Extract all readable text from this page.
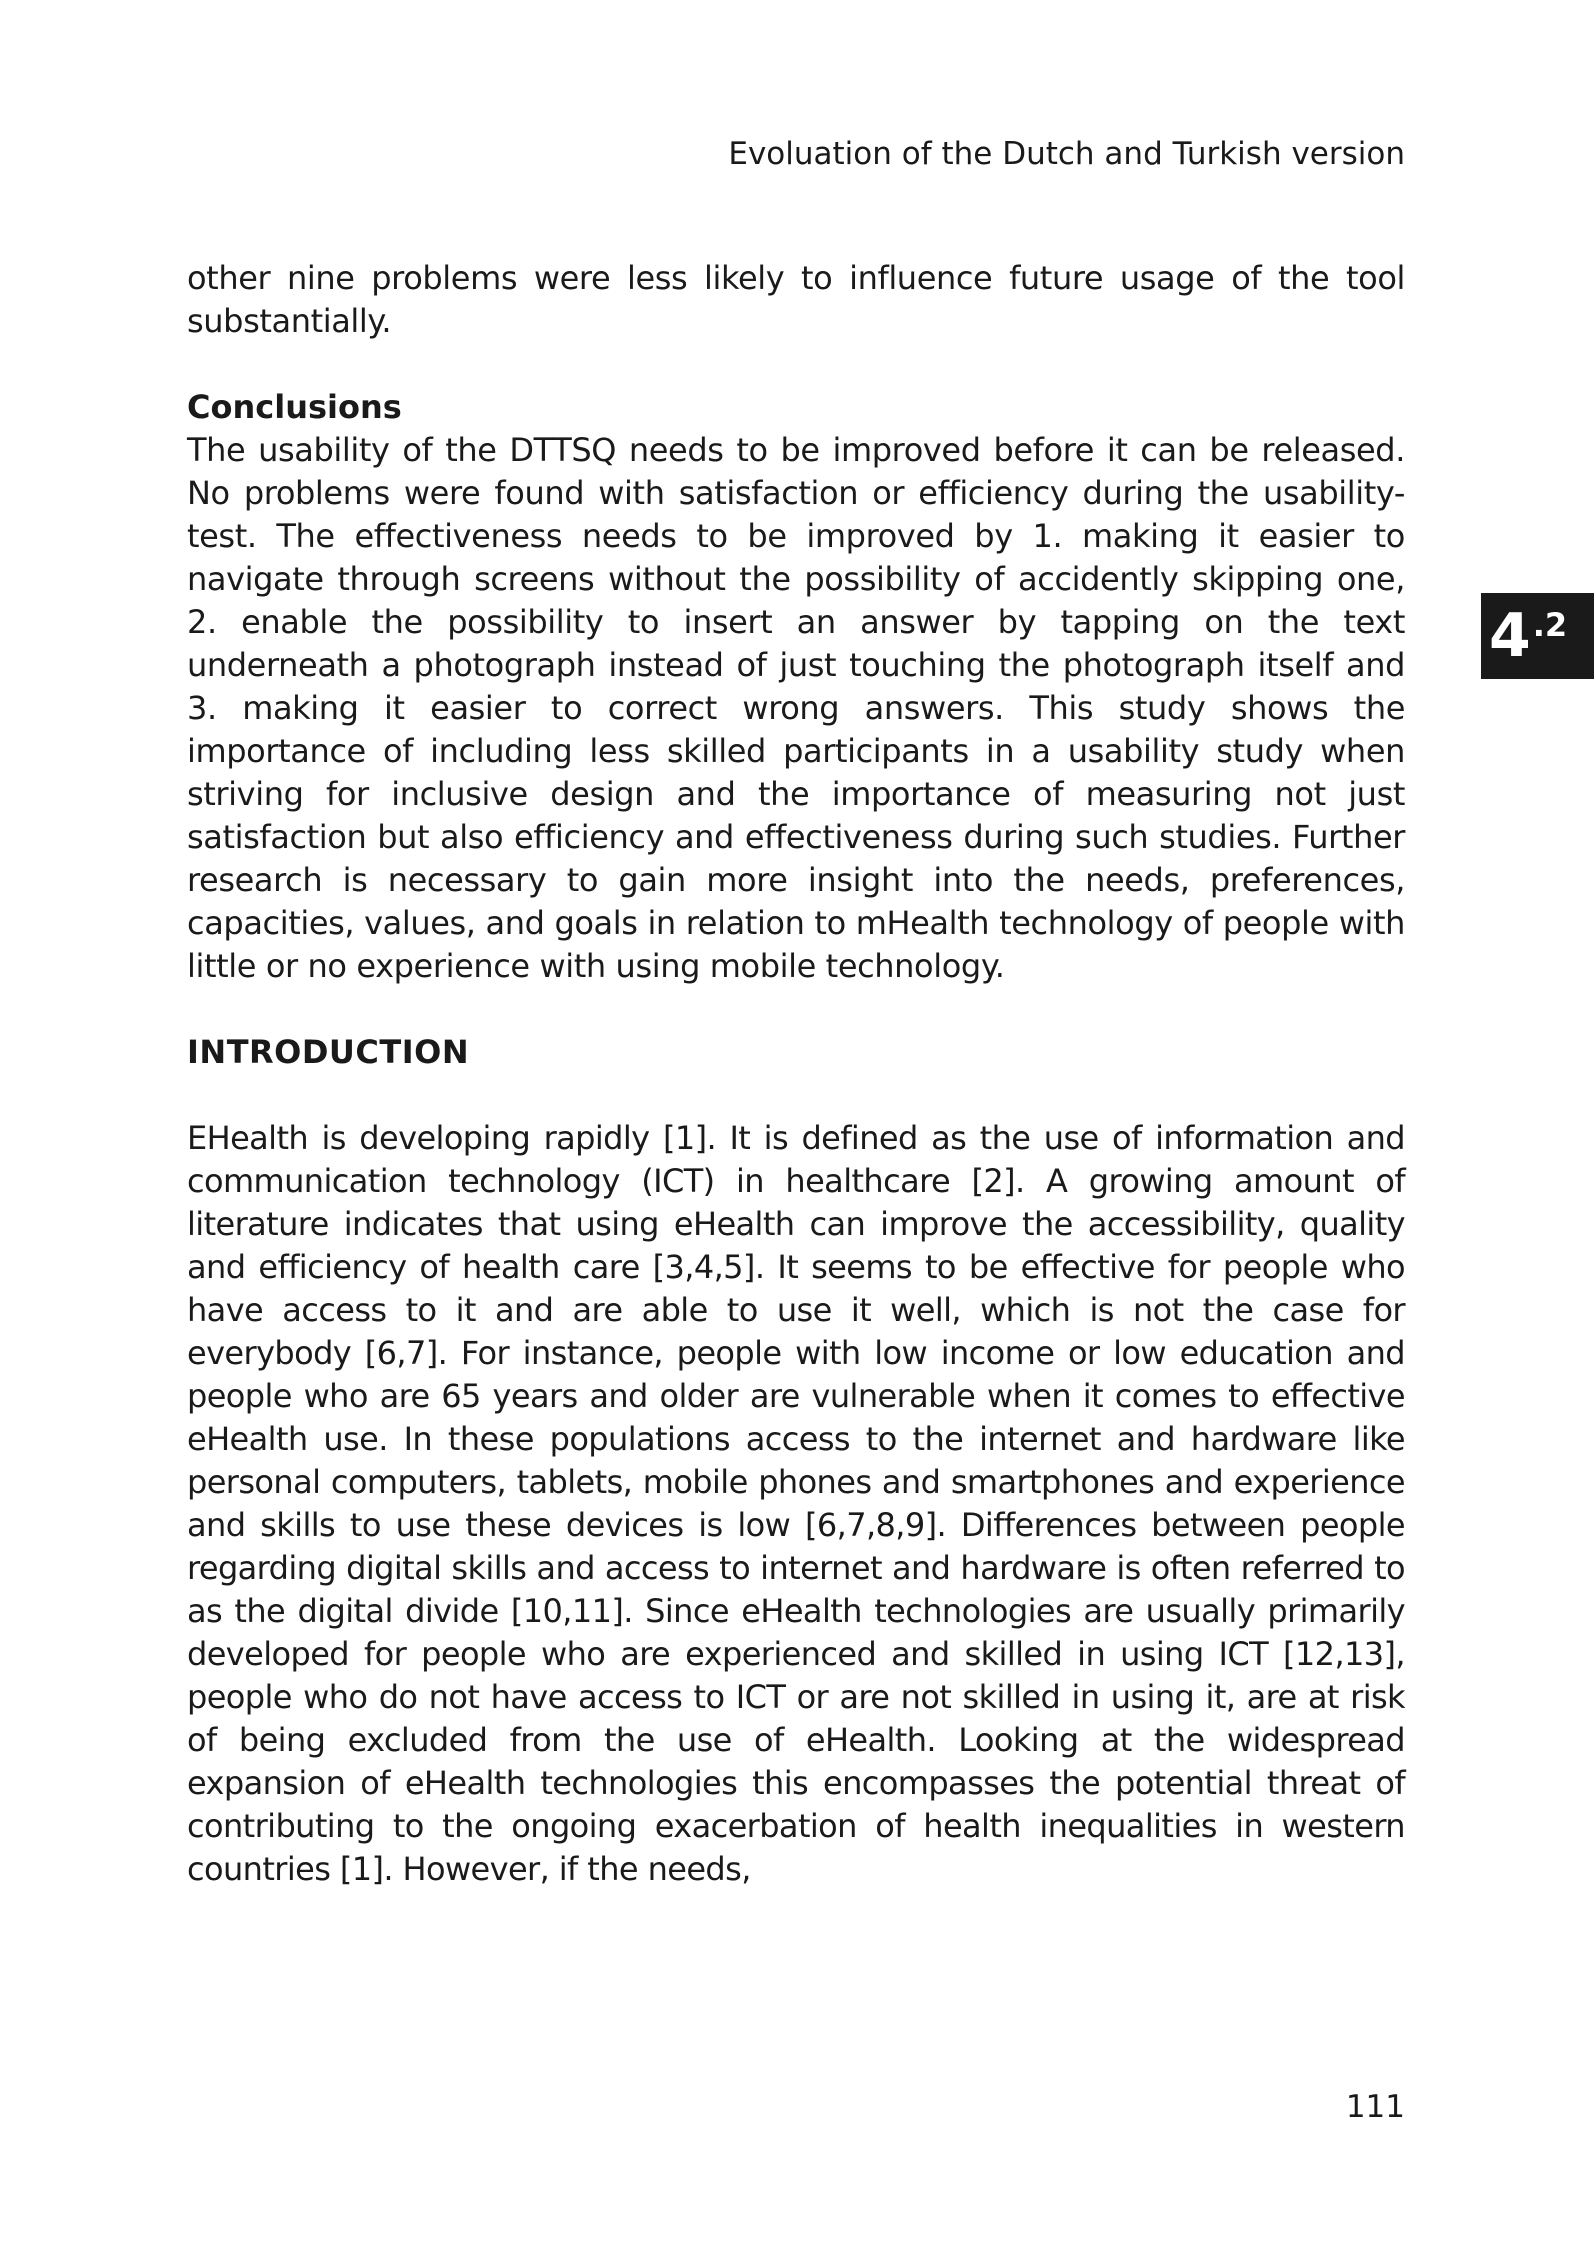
Evoluation of the Dutch and Turkish version
4 .2

other nine problems were less likely to influence future usage of the tool substantially.

Conclusions

The usability of the DTTSQ needs to be improved before it can be released. No problems were found with satisfaction or efficiency during the usability-test. The effectiveness needs to be improved by 1. making it easier to navigate through screens without the possibility of accidently skipping one, 2. enable the possibility to insert an answer by tapping on the text underneath a photograph instead of just touching the photograph itself and 3. making it easier to correct wrong answers. This study shows the importance of including less skilled participants in a usability study when striving for inclusive design and the importance of measuring not just satisfaction but also efficiency and effectiveness during such studies. Further research is necessary to gain more insight into the needs, preferences, capacities, values, and goals in relation to mHealth technology of people with little or no experience with using mobile technology.

INTRODUCTION

EHealth is developing rapidly [1]. It is defined as the use of information and communication technology (ICT) in healthcare [2]. A growing amount of literature indicates that using eHealth can improve the accessibility, quality and efficiency of health care [3,4,5]. It seems to be effective for people who have access to it and are able to use it well, which is not the case for everybody [6,7]. For instance, people with low income or low education and people who are 65 years and older are vulnerable when it comes to effective eHealth use. In these populations access to the internet and hardware like personal computers, tablets, mobile phones and smartphones and experience and skills to use these devices is low [6,7,8,9]. Differences between people regarding digital skills and access to internet and hardware is often referred to as the digital divide [10,11]. Since eHealth technologies are usually primarily developed for people who are experienced and skilled in using ICT [12,13], people who do not have access to ICT or are not skilled in using it, are at risk of being excluded from the use of eHealth. Looking at the widespread expansion of eHealth technologies this encompasses the potential threat of contributing to the ongoing exacerbation of health inequalities in western countries [1]. However, if the needs,

111
